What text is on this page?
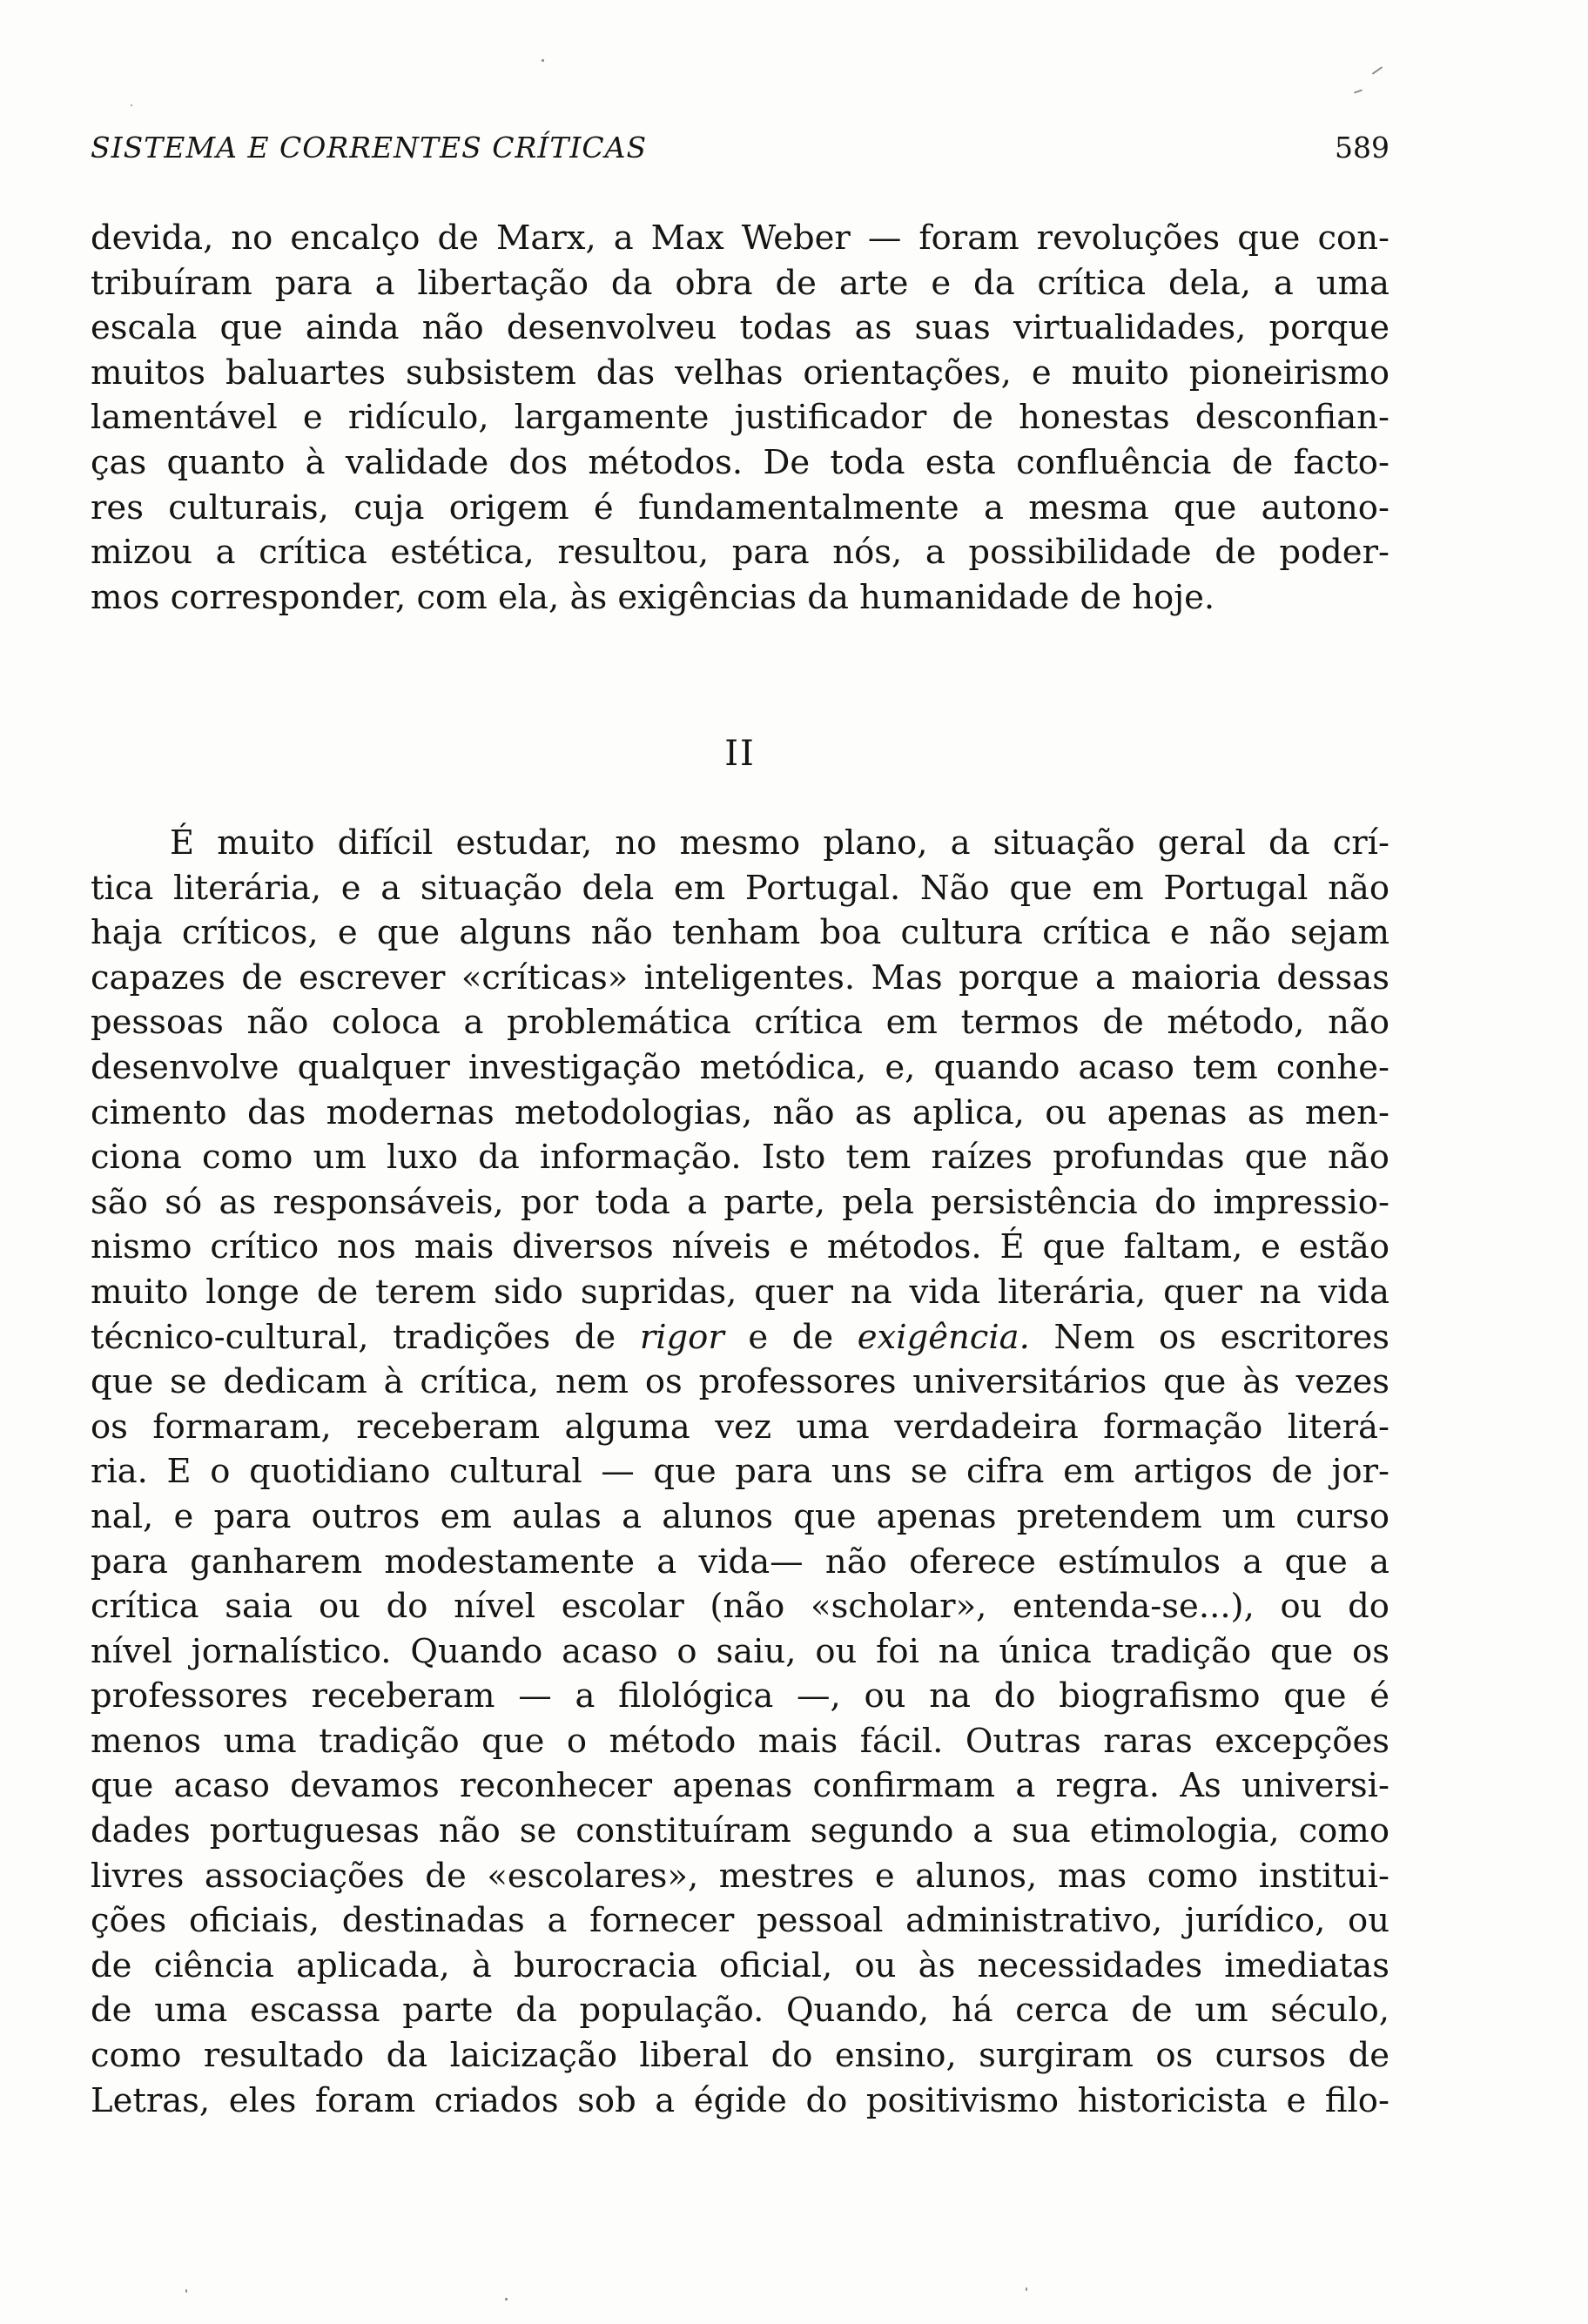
SISTEMA E CORRENTES CRÍTICAS	589
devida, no encalço de Marx, a Max Weber — foram revoluções que con-
tribuíram para a libertação da obra de arte e da crítica dela, a uma
escala que ainda não desenvolveu todas as suas virtualidades, porque
muitos baluartes subsistem das velhas orientações, e muito pioneirismo
lamentável e ridículo, largamente justificador de honestas desconfian-
ças quanto à validade dos métodos. De toda esta confluência de facto-
res culturais, cuja origem é fundamentalmente a mesma que autono-
mizou a crítica estética, resultou, para nós, a possibilidade de poder-
mos corresponder, com ela, às exigências da humanidade de hoje.
II
É muito difícil estudar, no mesmo plano, a situação geral da crí-
tica literária, e a situação dela em Portugal. Não que em Portugal não
haja críticos, e que alguns não tenham boa cultura crítica e não sejam
capazes de escrever «críticas» inteligentes. Mas porque a maioria dessas
pessoas não coloca a problemática crítica em termos de método, não
desenvolve qualquer investigação metódica, e, quando acaso tem conhe-
cimento das modernas metodologias, não as aplica, ou apenas as men-
ciona como um luxo da informação. Isto tem raízes profundas que não
são só as responsáveis, por toda a parte, pela persistência do impressio-
nismo crítico nos mais diversos níveis e métodos. É que faltam, e estão
muito longe de terem sido supridas, quer na vida literária, quer na vida
técnico-cultural, tradições de rigor e de exigência. Nem os escritores
que se dedicam à crítica, nem os professores universitários que às vezes
os formaram, receberam alguma vez uma verdadeira formação literá-
ria. E o quotidiano cultural — que para uns se cifra em artigos de jor-
nal, e para outros em aulas a alunos que apenas pretendem um curso
para ganharem modestamente a vida— não oferece estímulos a que a
crítica saia ou do nível escolar (não «scholar», entenda-se...), ou do
nível jornalístico. Quando acaso o saiu, ou foi na única tradição que os
professores receberam — a filológica —, ou na do biografismo que é
menos uma tradição que o método mais fácil. Outras raras excepções
que acaso devamos reconhecer apenas confirmam a regra. As universi-
dades portuguesas não se constituíram segundo a sua etimologia, como
livres associações de «escolares», mestres e alunos, mas como institui-
ções oficiais, destinadas a fornecer pessoal administrativo, jurídico, ou
de ciência aplicada, à burocracia oficial, ou às necessidades imediatas
de uma escassa parte da população. Quando, há cerca de um século,
como resultado da laicização liberal do ensino, surgiram os cursos de
Letras, eles foram criados sob a égide do positivismo historicista e filo-
